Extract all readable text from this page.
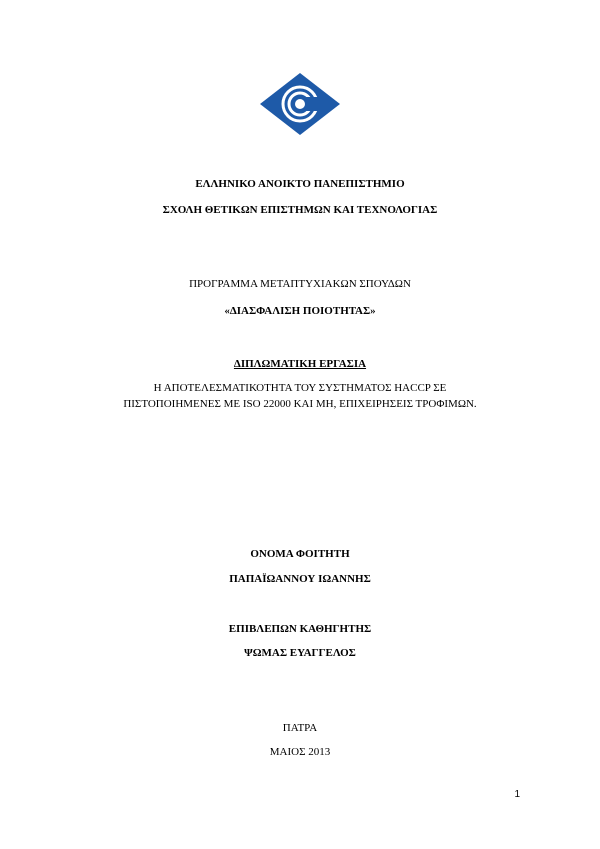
ΕΛΛΗΝΙΚΟ ΑΝΟΙΚΤΟ ΠΑΝΕΠΙΣΤΗΜΙΟ
ΣΧΟΛΗ ΘΕΤΙΚΩΝ ΕΠΙΣΤΗΜΩΝ ΚΑΙ ΤΕΧΝΟΛΟΓΙΑΣ
ΠΡΟΓΡΑΜΜΑ ΜΕΤΑΠΤΥΧΙΑΚΩΝ ΣΠΟΥΔΩΝ
«ΔΙΑΣΦΑΛΙΣΗ ΠΟΙΟΤΗΤΑΣ»
ΔΙΠΛΩΜΑΤΙΚΗ ΕΡΓΑΣΙΑ
Η ΑΠΟΤΕΛΕΣΜΑΤΙΚΟΤΗΤΑ ΤΟΥ ΣΥΣΤΗΜΑΤΟΣ HACCP ΣΕ
ΠΙΣΤΟΠΟΙΗΜΕΝΕΣ ΜΕ ISO 22000 ΚΑΙ ΜΗ, ΕΠΙΧΕΙΡΗΣΕΙΣ ΤΡΟΦΙΜΩΝ.
ΟΝΟΜΑ ΦΟΙΤΗΤΗ
ΠΑΠΑΪΩΑΝΝΟΥ ΙΩΑΝΝΗΣ
ΕΠΙΒΛΕΠΩΝ ΚΑΘΗΓΗΤΗΣ
ΨΩΜΑΣ ΕΥΑΓΓΕΛΟΣ
ΠΑΤΡΑ
ΜΑΙΟΣ 2013
1
